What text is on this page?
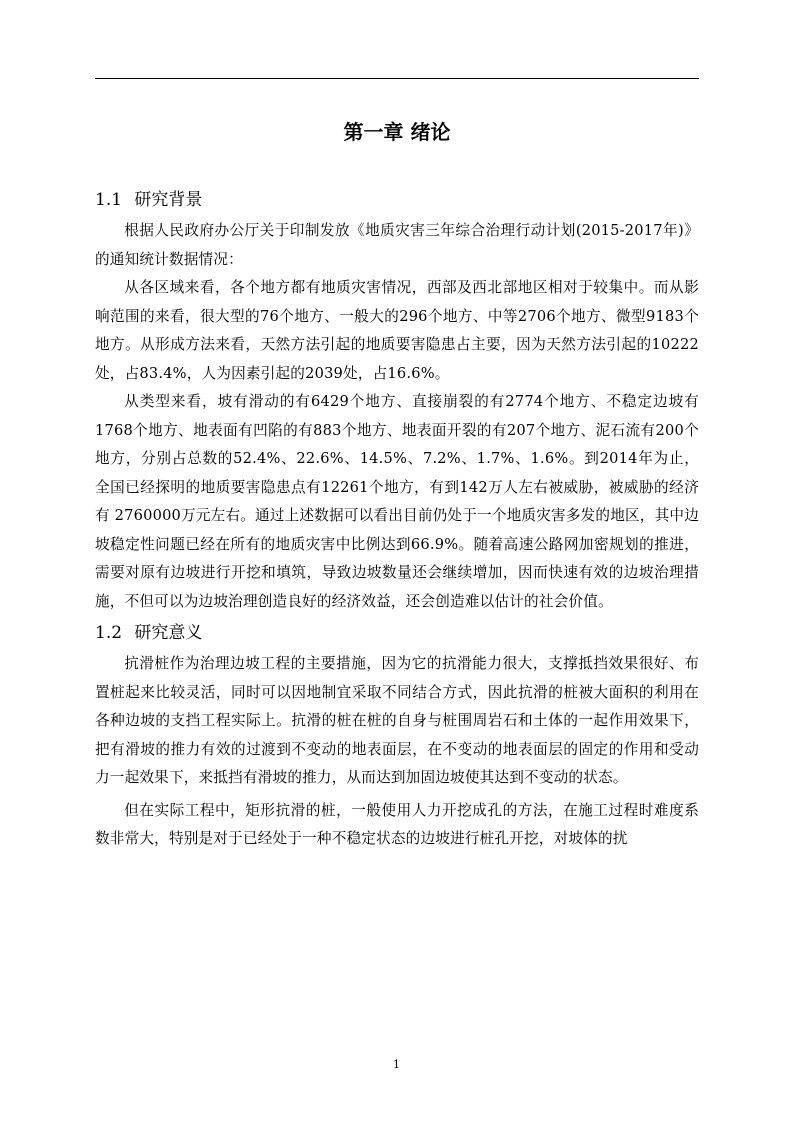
第一章 绪论
1.1 研究背景

根据人民政府办公厅关于印制发放《地质灾害三年综合治理行动计划(2015-2017年)》的通知统计数据情况：

从各区域来看，各个地方都有地质灾害情况，西部及西北部地区相对于较集中。而从影响范围的来看，很大型的76个地方、一般大的296个地方、中等2706个地方、微型9183个地方。从形成方法来看，天然方法引起的地质要害隐患占主要，因为天然方法引起的10222处，占83.4%，人为因素引起的2039处，占16.6%。

从类型来看，坡有滑动的有6429个地方、直接崩裂的有2774个地方、不稳定边坡有1768个地方、地表面有凹陷的有883个地方、地表面开裂的有207个地方、泥石流有200个地方，分别占总数的52.4%、22.6%、14.5%、7.2%、1.7%、1.6%。到2014年为止，全国已经探明的地质要害隐患点有12261个地方，有到142万人左右被威胁，被威胁的经济有 2760000万元左右。通过上述数据可以看出目前仍处于一个地质灾害多发的地区，其中边坡稳定性问题已经在所有的地质灾害中比例达到66.9%。随着高速公路网加密规划的推进，需要对原有边坡进行开挖和填筑，导致边坡数量还会继续增加，因而快速有效的边坡治理措施，不但可以为边坡治理创造良好的经济效益，还会创造难以估计的社会价值。

1.2 研究意义

抗滑桩作为治理边坡工程的主要措施，因为它的抗滑能力很大，支撑抵挡效果很好、布置桩起来比较灵活，同时可以因地制宜采取不同结合方式，因此抗滑的桩被大面积的利用在各种边坡的支挡工程实际上。抗滑的桩在桩的自身与桩围周岩石和土体的一起作用效果下，把有滑坡的推力有效的过渡到不变动的地表面层，在不变动的地表面层的固定的作用和受动力一起效果下，来抵挡有滑坡的推力，从而达到加固边坡使其达到不变动的状态。

但在实际工程中，矩形抗滑的桩，一般使用人力开挖成孔的方法，在施工过程时难度系数非常大，特别是对于已经处于一种不稳定状态的边坡进行桩孔开挖，对坡体的扰

1
